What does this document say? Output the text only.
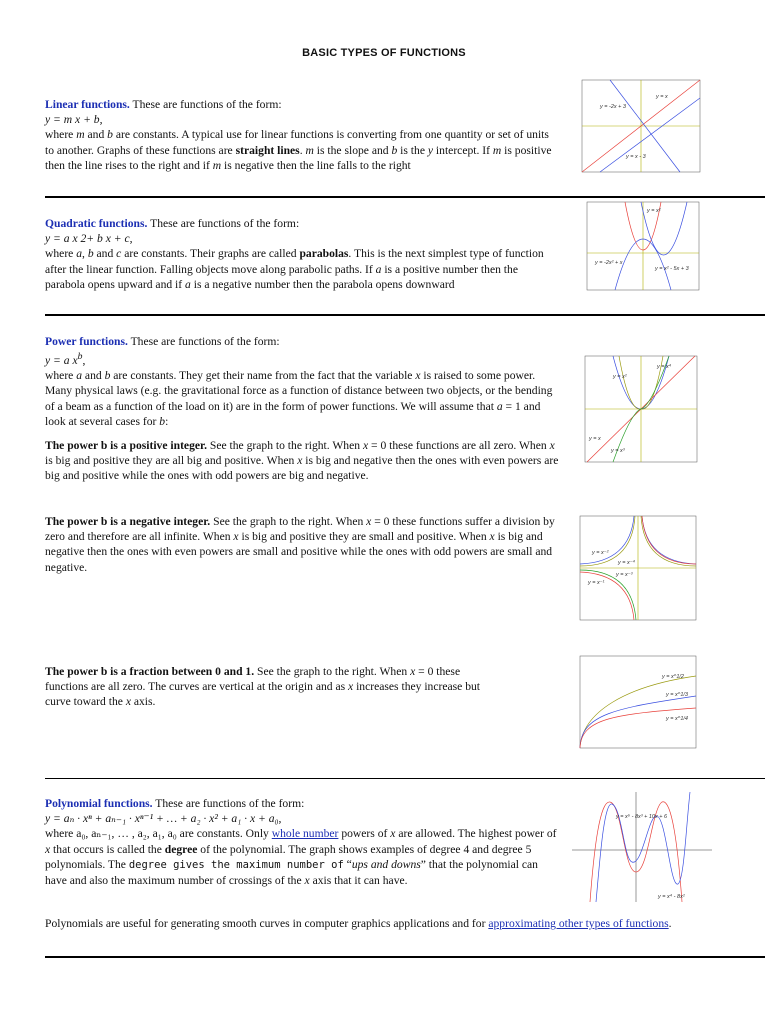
BASIC TYPES OF FUNCTIONS
Linear functions. These are functions of the form:
y = m x + b,
where m and b are constants. A typical use for linear functions is converting from one quantity or set of units to another. Graphs of these functions are straight lines. m is the slope and b is the y intercept. If m is positive then the line rises to the right and if m is negative then the line falls to the right
y = x
y = -2x + 3
y = x - 3
Quadratic functions. These are functions of the form:
y = a x 2+ b x + c,
where a, b and c are constants. Their graphs are called parabolas. This is the next simplest type of function after the linear function. Falling objects move along parabolic paths. If a is a positive number then the parabola opens upward and if a is a negative number then the parabola opens downward
y = x²
y = -2x² + x
y = x² - 5x + 3
Power functions. These are functions of the form:
y = a $x^b$,
where a and b are constants. They get their name from the fact that the variable x is raised to some power. Many physical laws (e.g. the gravitational force as a function of distance between two objects, or the bending of a beam as a function of the load on it) are in the form of power functions. We will assume that a = 1 and look at several cases for b:
The power b is a positive integer. See the graph to the right. When x = 0 these functions are all zero. When x is big and positive they are all big and positive. When x is big and negative then the ones with even powers are big and positive while the ones with odd powers are big and negative.
y = x²
y = x⁴
y = x
y = x³
The power b is a negative integer. See the graph to the right. When x = 0 these functions suffer a division by zero and therefore are all infinite. When x is big and positive they are small and positive. When x is big and negative then the ones with even powers are small and positive while the ones with odd powers are small and negative.
y = x⁻²
y = x⁻⁴
y = x⁻¹
y = x⁻³
The power b is a fraction between 0 and 1. See the graph to the right. When x = 0 these functions are all zero. The curves are vertical at the origin and as x increases they increase but curve toward the x axis.
y = x^1/2
y = x^1/3
y = x^1/4
Polynomial functions. These are functions of the form:
y = aₙ · xⁿ + aₙ₋₁ · xⁿ⁻¹ + … + a₂ · x² + a₁ · x + a₀,
where a₀, aₙ₋₁, … , a₂, a₁, a₀ are constants. Only whole number powers of x are allowed. The highest power of x that occurs is called the degree of the polynomial. The graph shows examples of degree 4 and degree 5 polynomials. The degree gives the maximum number of “ups and downs” that the polynomial can have and also the maximum number of crossings of the x axis that it can have.
Polynomials are useful for generating smooth curves in computer graphics applications and for approximating other types of functions.
y = x⁵ - 8x³ + 10x + 6
y = x⁴ - 8x²
